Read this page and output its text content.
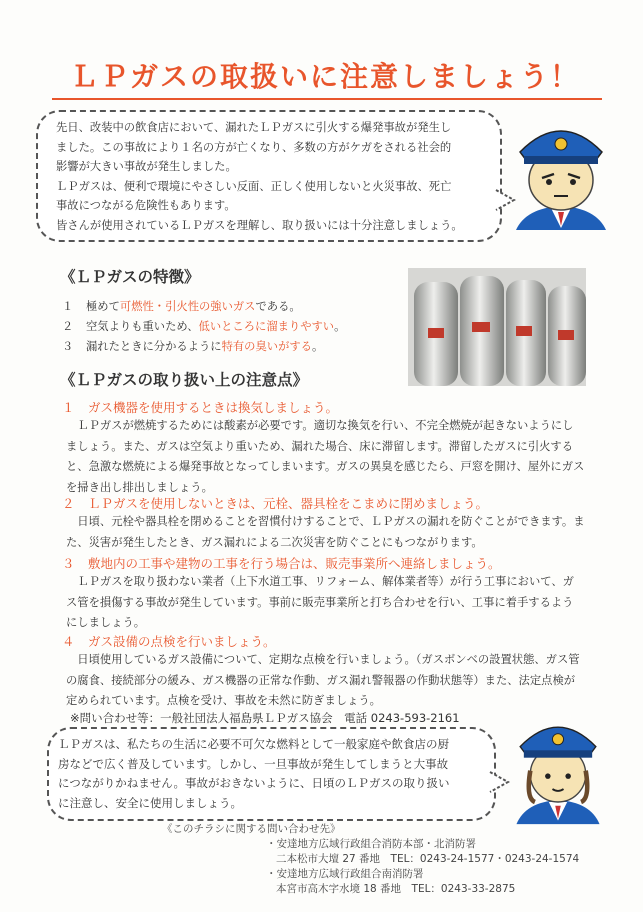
ＬＰガスの取扱いに注意しましょう！
先日、改装中の飲食店において、漏れたＬＰガスに引火する爆発事故が発生し
ました。この事故により１名の方が亡くなり、多数の方がケガをされる社会的
影響が大きい事故が発生しました。
ＬＰガスは、便利で環境にやさしい反面、正しく使用しないと火災事故、死亡
事故につながる危険性もあります。
皆さんが使用されているＬＰガスを理解し、取り扱いには十分注意しましょう。
《ＬＰガスの特徴》
１ 極めて可燃性・引火性の強いガスである。
２ 空気よりも重いため、低いところに溜まりやすい。
３ 漏れたときに分かるように特有の臭いがする。
《ＬＰガスの取り扱い上の注意点》
１ ガス機器を使用するときは換気しましょう。
　ＬＰガスが燃焼するためには酸素が必要です。適切な換気を行い、不完全燃焼が起きないようにし
ましょう。また、ガスは空気より重いため、漏れた場合、床に滞留します。滞留したガスに引火する
と、急激な燃焼による爆発事故となってしまいます。ガスの異臭を感じたら、戸窓を開け、屋外にガス
を掃き出し排出しましょう。
２ ＬＰガスを使用しないときは、元栓、器具栓をこまめに閉めましょう。
　日頃、元栓や器具栓を閉めることを習慣付けすることで、ＬＰガスの漏れを防ぐことができます。ま
た、災害が発生したとき、ガス漏れによる二次災害を防ぐことにもつながります。
３ 敷地内の工事や建物の工事を行う場合は、販売事業所へ連絡しましょう。
　ＬＰガスを取り扱わない業者（上下水道工事、リフォーム、解体業者等）が行う工事において、ガ
ス管を損傷する事故が発生しています。事前に販売事業所と打ち合わせを行い、工事に着手するよう
にしましょう。
４ ガス設備の点検を行いましょう。
　日頃使用しているガス設備について、定期な点検を行いましょう。（ガスボンベの設置状態、ガス管
の腐食、接続部分の緩み、ガス機器の正常な作動、ガス漏れ警報器の作動状態等）また、法定点検が
定められています。点検を受け、事故を未然に防ぎましょう。
※問い合わせ等：一般社団法人福島県ＬＰガス協会　電話 0243-593-2161
ＬＰガスは、私たちの生活に必要不可欠な燃料として一般家庭や飲食店の厨
房などで広く普及しています。しかし、一旦事故が発生してしまうと大事故
につながりかねません。事故がおきないように、日頃のＬＰガスの取り扱い
に注意し、安全に使用しましょう。
《このチラシに関する問い合わせ先》
・安達地方広域行政組合消防本部・北消防署
二本松市大壇 27 番地　TEL：0243-24-1577・0243-24-1574
・安達地方広域行政組合南消防署
本宮市高木字水境 18 番地　TEL：0243-33-2875
